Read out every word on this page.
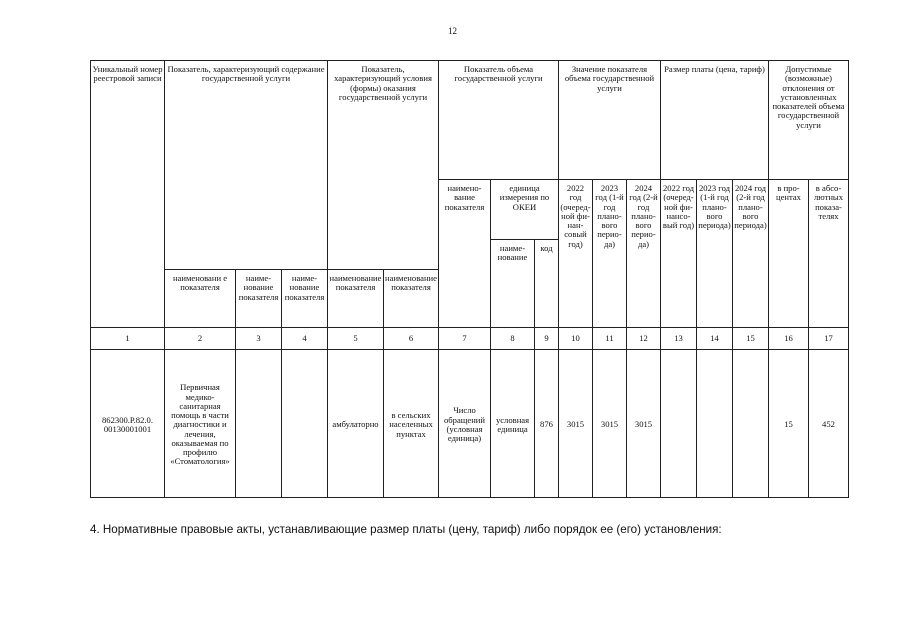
12
Уникальный номер реестровой записи	Показатель, характеризующий содержание государственной услуги			Показатель, характеризующий условия (формы) оказания государственной услуги		Показатель объема государственной услуги			Значение показателя объема государственной услуги			Размер платы (цена, тариф)			Допустимые (возможные) отклонения от установленных показателей объема государственной услуги	
						наименование показателя	единица измерения по ОКЕИ		2022 год (очередной финансовый год)	2023 год (1-й год планового периода)	2024 год (2-й год планового периода)	2022 год (очередной финансовый год)	2023 год (1-й год планового периода)	2024 год (2-й год планового периода)	в процентах	в абсолютных показателях
							наименование	код								
	наименовани е показателя	наименование показателя	наименование показателя	наименование показателя	наименование показателя											
1	2	3	4	5	6	7	8	9	10	11	12	13	14	15	16	17
862300.Р.82.0. 00130001001	Первичная медико-санитарная помощь в части диагностики и лечения, оказываемая по профилю «Стоматология»			амбулаторно	в сельских населенных пунктах	Число обращений (условная единица)	условная единица	876	3015	3015	3015				15	452
4. Нормативные правовые акты, устанавливающие размер платы (цену, тариф) либо порядок ее (его) установления:
